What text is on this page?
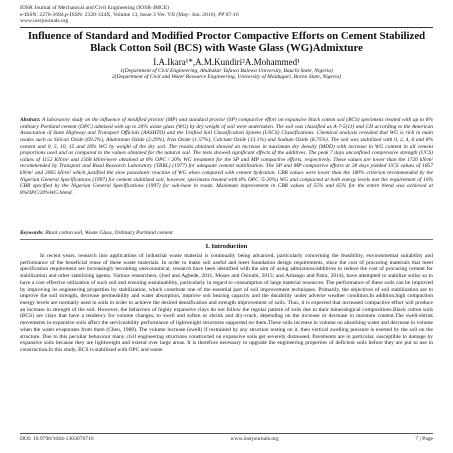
IOSR Journal of Mechanical and Civil Engineering (IOSR-JMCE)
e-ISSN: 2278-1684,p-ISSN: 2320-334X, Volume 13, Issue 3 Ver. VII (May- Jun. 2016), PP 07-16
www.iosrjournals.org
Influence of Standard and Modified Proctor Compactive Efforts on Cement Stabilized Black Cotton Soil (BCS) with Waste Glass (WG)Admixture
I.A.Ikara¹*,A.M.Kundiri²A.Mohammed¹
1(Department of Civil Engineering, Abubakar Tafawa Balewa University, Bauchi State, Nigeria)
2(Department of Civil and Water Resource Engineering, University of Maiduguri, Borno State, Nigeria)
Abstract: A laboratory study on the influence of modified proctor (MP) and standard proctor (SP) compactive effort on expansive black cotton soil (BCS) specimens treated with up to 8% ordinary Portland cement (OPC) admixed with up to 20% waste glass (WG) by dry weight of soil were undertaken. The soil was classified as A-7-5(11) and CH according to the American Association of State Highway and Transport Officials (AASHTO) and the Unified Soil Classification System (USCS) Classifications. Chemical analysis revealed that WG is rich in main oxides such as Silicon Oxide (69.2%), Aluminium Oxide (2.29%), Iron Oxide (1.57%), Calcium Oxide (13.1%) and Sodium Oxide (8.75%). The soil was stabilized with 0, 2, 4, 6 and 8% cement and 0, 5, 10, 15 and 20% WG by weight of the dry soil. The results obtained showed an increase in maximum dry density (MDD) with increase in WG content in all cement proportions used and as compared to the values obtained for the natural soil. The tests showed significant effects of the additives. The peak 7 days unconfined compressive strength (UCS) values of 1152 KN/m² and 1568 kN/m²were obtained at 8% OPC / 20% WG treatment for the SP and MP compactive efforts, respectively. These values are lower than the 1720 kN/m² recommended by Transport and Road Research Laboratory (TRRL) (1977) for adequate cement stabilization. The SP and MP compactive efforts at 28 days yielded UCS values of 1857 kN/m² and 2065 kN/m² which justified the slow pozzolanic reaction of WG when compared with cement hydration. CBR values were lower than the 180% criterion recommended by the Nigerian General Specifications (1997) for cement stabilized soil, however, specimens treated with 8% OPC /5-20%) WG and compacted at both energy levels met the requirement of 10% CBR specified by the Nigerian General Specifications (1997) for sub-base in roads. Maximum improvement in CBR values of 55% and 65% for the entire blend was achieved at 8%OPC/20%WG blend.
Keywords: Black cotton soil, Waste Glass, Ordinary Portland cement
I. Introduction

In recent years, research into applications of industrial waste material is continually being advanced, particularly concerning the feasibility, environmental suitability and performance of the beneficial reuse of these waste materials. In order to make soil useful and meet foundation design requirements, since the cost of procuring materials that meet specification requirement are increasingly becoming uneconomical, research have been identified with the aim of using admixtures/additives to reduce the cost of procuring cement for stabilization and other stabilizing agents. Various researchers, (Joel and Agbede, 2011, Moses and Osinubi, 2013; and Ashango and Patra, 2014), have attempted to stabilize soilss so to have a cost effective utilization of such soil and ensuring sustainability, particularly in regard to consumption of large material resources. The performance of these soils can be improved by improving its engineering properties by stabilization, which constitute one of the essential part of soil improvement techniques. Primarily, the objectives of soil stabilization are to improve the soil strength, decrease permeability and water absorption, improve soil bearing capacity and the durability under adverse weather condition.In addition,high compaction energy levels are normally used in soils in order to achieve the desired densification and strength improvement of soils. Thus, it is expected that increased compactive effort will produce an increase in strength of the soil. However, the behaviors of highly expansive clays do not follow the regular pattern of soils due to their mineralogical compositions.Black cotton soils (BCS) are clays that have a tendency for volume changes, to swell and soften or shrink and dry-crack, depending on the increase or decrease in moisture content.The swell-shrink movements in expansive soils affect the serviceability performance of lightweight structures supported on them.These soils increase in volume on absorbing water and decrease in volume when the water evaporates from them (Chen, 1988). The volume increase (swell) if restrained by any structure resting on it, then vertical swelling pressure is exerted by the soil on the structure. Due to this peculiar behaviour many civil engineering structures constructed on expansive soils get severely distressed. Pavements are in particular, susceptible to damage by expansive soils because they are lightweight and extend over large areas. It is therefore necessary to upgrade the engineering properties of deficient soils before they are put to use in construction.In this study, BCS is stabilized with OPC and waste

DOI: 10.9790/1684-1303070716	www.iosrjournals.org	7 | Page
